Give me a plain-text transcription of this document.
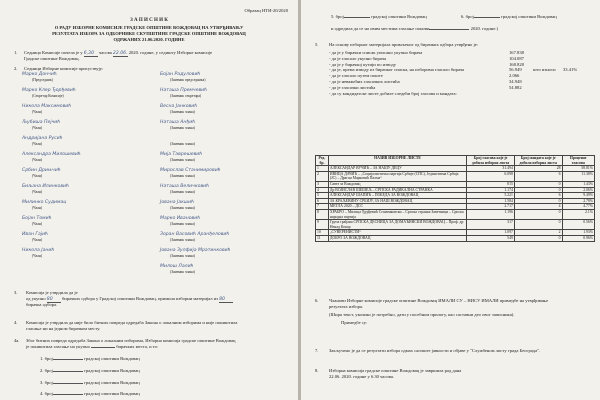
Образац НТИ-20/2020
З А П И С Н И К
О РАДУ ИЗБОРНЕ КОМИСИЈЕ ГРАДСКЕ ОПШТИНЕ ВОЖДОВАЦ НА УТВРЂИВАЊУ
РЕЗУЛТАТА ИЗБОРА ЗА ОДБОРНИКЕ СКУПШТИНЕ ГРАДСКЕ ОПШТИНЕ ВОЖДОВАЦ
ОДРЖАНИХ 21.06.2020. ГОДИНЕ
1. Седница Комисије почела је у 6,30 часова 22.06. 2020. године, у седишту Изборне комисије
Градске општине Вождовац.
2. Седници Изборне комисије присуствују:
Марко Дончић
(Председник)
Марко Клер Ђорђевић
(Секретар Комисије)
Никола Максимовић
(Члан)
Љубиша Пејчић
(Члан)
Андријана Русић
(Члан)
Александра Милошевић
(Члан)
Србин Дрињчић
(Члан)
Биљана Илинковић
(Члан)
Милинко Судимац
(Члан)
Бојан Томић
(Члан)
Иван Гајић
(Члан)
Никола Јанић
(Члан)
Бојан Радуловић
(Заменик председника)
Наташа Премчевић
(Заменик секретара)
Весна Јанковић
(Заменик члана)
Наташа Анђић
(Заменик члана)
(Заменик члана)
Мија Таврешевић
(Заменик члана)
Мирослав Станимировић
(Заменик члана)
Наташа Величковић
(Заменик члана)
Јована Јакшић
(Заменик члана)
Марко Ивановић
(Заменик члана)
Зоран Васовић Аранђеловић
(Заменик члана)
Јована Зулфија Мратинковић
(Заменик члана)
Милош Лалић
(Заменик члана)
3. Комисија је утврдила да је
од укупно 80 бирачких одбора у Градској општини Вождовац, примила изборни материјал из 80
бирачка одбора.
4. Комисија је утврдила да нијe било битних повреда одредаба Закона о локалним изборима и није поништила
гласање ни на једном бирачком месту.
4а. Због битних повреда одредаба Закона о локалним изборима, Изборна комисија градске општине Вождовац
је поништила гласање на укупно	бирачких места, и то:
1. број	градској општини Вождовац
2. број	градској општини Вождовац
3. број	градској општини Вождовац
4. број	градској општини Вождовац
5. број	градској општини Вождовац	6. број	градској општини Вождовац
и одредила да се на овим местима гласање понови	2020. године.)
5. На основу изборног материјала примљеног од бирачких одбора утврђено је:
- да је у бирачки списак уписано укупно бирача	167.838
- да је гласало укупно бирача	104.087
- да је у бирачкој кутији по изводу	168.828
- да је, према изводу из бирачког списка, на изборима гласало бирача	56.949 што износи 33.41%
- да је гласало путем поште	2.066
- да је неважећих гласачких листића	34.948
- да је гласачки листића	54.882
- да су кандидатске листе добиле следећи број гласова и мандата:
Ред. бр.	НАЗИВ ИЗБОРНЕ ЛИСТЕ	Број гласова које је добила изборна листа	Број мандата које је добила изборна листа	Проценат гласова
1	АЛЕКСАНДАР ВУЧИЋ – ЗА НАШУ ДЕЦУ	31.494	28	58.81%
2	ИВИЦА ДАЧИЋ – „Социјалистичка партија Србије (СПС), Јединствена Србија (ЈС) – Драган Марковић Палма“	6.098	6	11.38%
3	Савез за Вождовац	815	0	1.43%
4	Др ВОЈИСЛАВ ШЕШЕЉ – СРПСКА РАДИКАЛНА СТРАНКА	1.174	0	2.06%
5	АЛЕКСАНДАР ШАПИЋ – ПОБЕДА ЗА ВОЖДОВАЦ	5.221	6	9.49%
6	ЗА КРАЉЕВИНУ СРБИЈУ, ЗА НАШ ВОЖДОВАЦ	1.584	0	2.78%
7	МЕТЛА 2020 – ДСС	2.717	4	4.77%
8	ХРАБРО – Милица Ђурђевић Стаменковски – Српска странка Заветници – Српска народна партија	1.196	0	2.1%
9	Група грађана СРПСКА ДЕСНИЦА ЗА ДОМАЋИНСКИ ВОЖДОВАЦ – Проф. др Ненад Кокор	317	0	0.56%
10	„СУВЕРЕНИСТИ“	1.097	2	1.93%
11	ДОБРО ЗА ВОЖДОВАЦ	549	0	0.96%
6. Чланови Изборне комисије градске општине Вождовац ИМАЛИ СУ – НИСУ ИМАЛИ примедбе на утврђивање
резултата избора.
(Шира текст, уколико је потребно, дати у посебном прилогу, као саставни део овог записника).
Примедбе су:
7. Закључено је да се резултати избора одмах саопште јавности и објаве у "Службеном листу града Београда".
8. Изборна комисија градске општине Вождовац је завршила рад дана
22.06. 2020. године у 6.30 часова.
